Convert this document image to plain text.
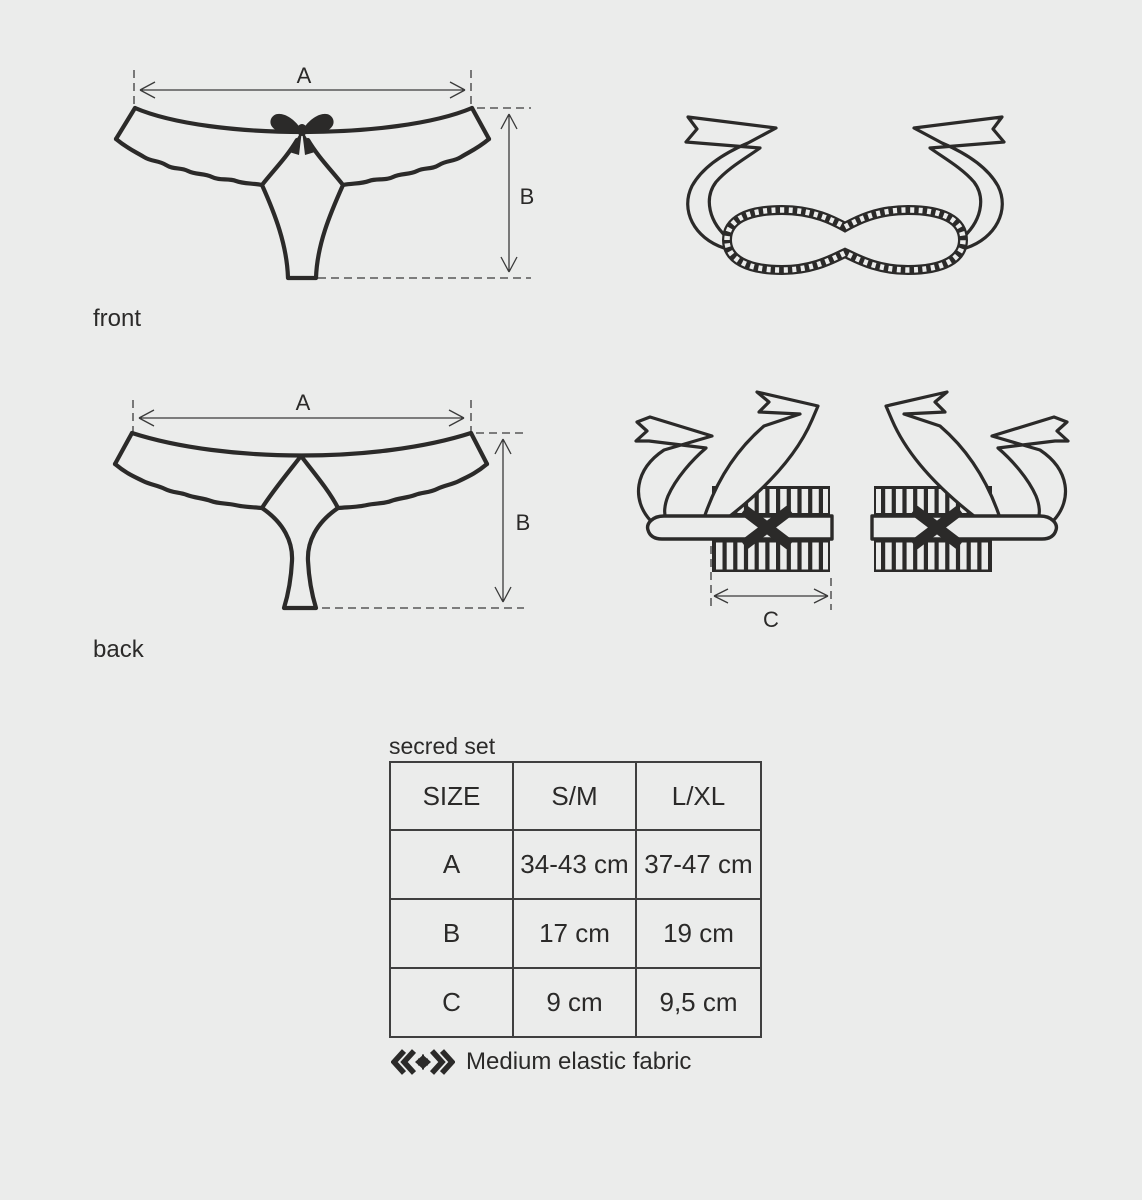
A
B
front
A
B
back
C
secred set
SIZE	S/M	L/XL
A	34-43 cm	37-47 cm
B	17 cm	19 cm
C	9 cm	9,5 cm
Medium elastic fabric
